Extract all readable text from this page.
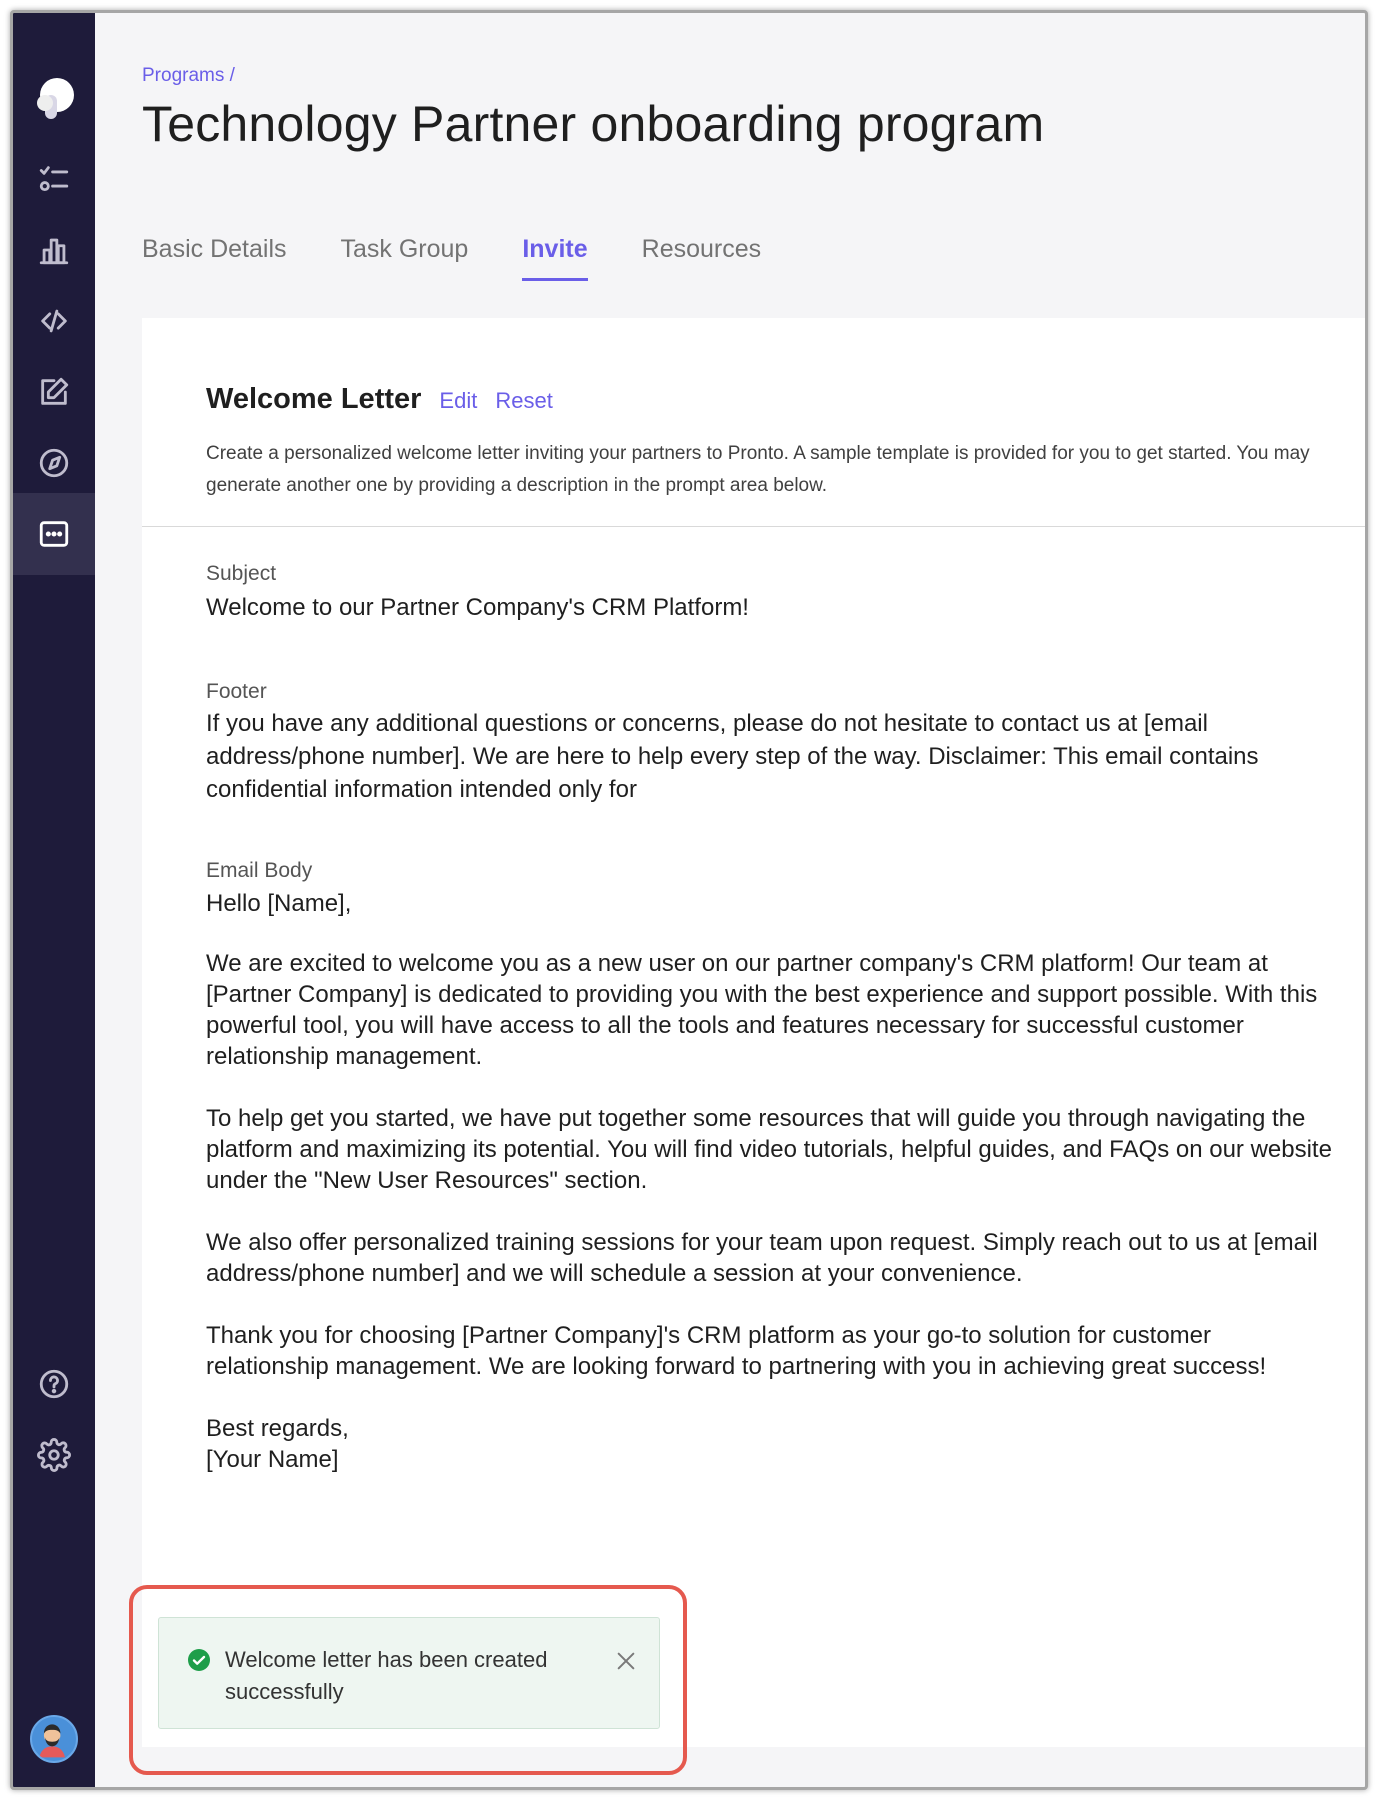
Programs /
Technology Partner onboarding program
Basic Details Task Group Invite Resources
Welcome Letter Edit Reset

Create a personalized welcome letter inviting your partners to Pronto. A sample template is provided for you to get started. You may generate another one by providing a description in the prompt area below.

Subject
Welcome to our Partner Company's CRM Platform!
Footer
If you have any additional questions or concerns, please do not hesitate to contact us at [email address/phone number]. We are here to help every step of the way. Disclaimer: This email contains confidential information intended only for
Email Body

Hello [Name],

We are excited to welcome you as a new user on our partner company's CRM platform! Our team at [Partner Company] is dedicated to providing you with the best experience and support possible. With this powerful tool, you will have access to all the tools and features necessary for successful customer relationship management.

To help get you started, we have put together some resources that will guide you through navigating the platform and maximizing its potential. You will find video tutorials, helpful guides, and FAQs on our website under the "New User Resources" section.

We also offer personalized training sessions for your team upon request. Simply reach out to us at [email address/phone number] and we will schedule a session at your convenience.

Thank you for choosing [Partner Company]'s CRM platform as your go-to solution for customer relationship management. We are looking forward to partnering with you in achieving great success!

Best regards,

[Your Name]

Welcome letter has been created successfully
